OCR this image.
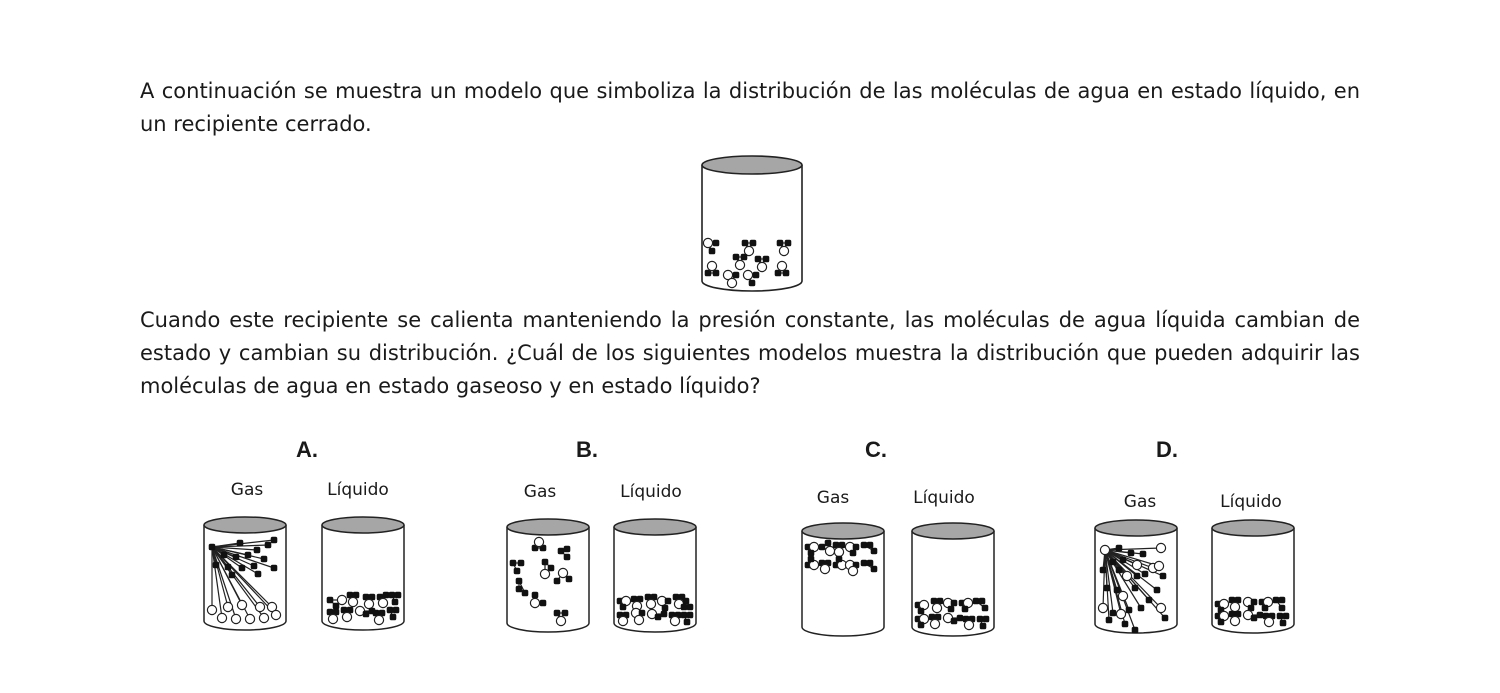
A continuación se muestra un modelo que simboliza la distribución de las moléculas de agua en estado líquido, en un recipiente cerrado.

Cuando este recipiente se calienta manteniendo la presión constante, las moléculas de agua líquida cambian de estado y cambian su distribución. ¿Cuál de los siguientes modelos muestra la distribución que pueden adquirir las moléculas de agua en estado gaseoso y en estado líquido?

A.
Gas	Líquido
B.
Gas	Líquido
C.
Gas	Líquido
D.
Gas	Líquido
